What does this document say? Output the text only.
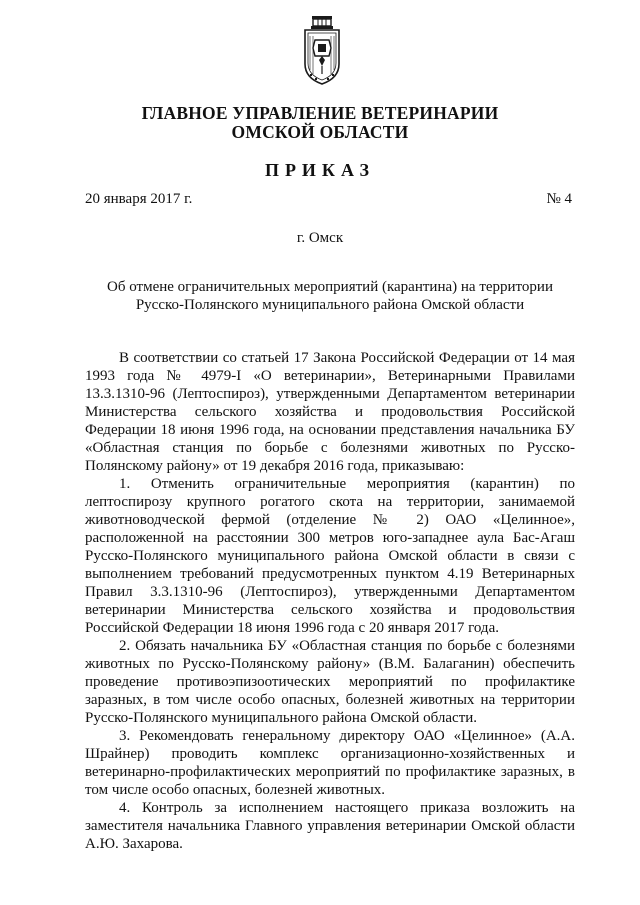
ГЛАВНОЕ УПРАВЛЕНИЕ ВЕТЕРИНАРИИ
ОМСКОЙ ОБЛАСТИ
ПРИКАЗ
20 января 2017 г.	№ 4
г. Омск
Об отмене ограничительных мероприятий (карантина) на территории
Русско-Полянского муниципального района Омской области

В соответствии со статьей 17 Закона Российской Федерации от 14 мая 1993 года № 4979-I «О ветеринарии», Ветеринарными Правилами 13.3.1310-96 (Лептоспироз), утвержденными Департаментом ветеринарии Министерства сельского хозяйства и продовольствия Российской Федерации 18 июня 1996 года, на основании представления начальника БУ «Областная станция по борьбе с болезнями животных по Русско-Полянскому району» от 19 декабря 2016 года, приказываю:

1. Отменить ограничительные мероприятия (карантин) по лептоспирозу крупного рогатого скота на территории, занимаемой животноводческой фермой (отделение № 2) ОАО «Целинное», расположенной на расстоянии 300 метров юго-западнее аула Бас-Агаш Русско-Полянского муниципального района Омской области в связи с выполнением требований предусмотренных пунктом 4.19 Ветеринарных Правил 3.3.1310-96 (Лептоспироз), утвержденными Департаментом ветеринарии Министерства сельского хозяйства и продовольствия Российской Федерации 18 июня 1996 года с 20 января 2017 года.

2. Обязать начальника БУ «Областная станция по борьбе с болезнями животных по Русско-Полянскому району» (В.М. Балаганин) обеспечить проведение противоэпизоотических мероприятий по профилактике заразных, в том числе особо опасных, болезней животных на территории Русско-Полянского муниципального района Омской области.

3. Рекомендовать генеральному директору ОАО «Целинное» (А.А. Шрайнер) проводить комплекс организационно-хозяйственных и ветеринарно-профилактических мероприятий по профилактике заразных, в том числе особо опасных, болезней животных.

4. Контроль за исполнением настоящего приказа возложить на заместителя начальника Главного управления ветеринарии Омской области А.Ю. Захарова.
